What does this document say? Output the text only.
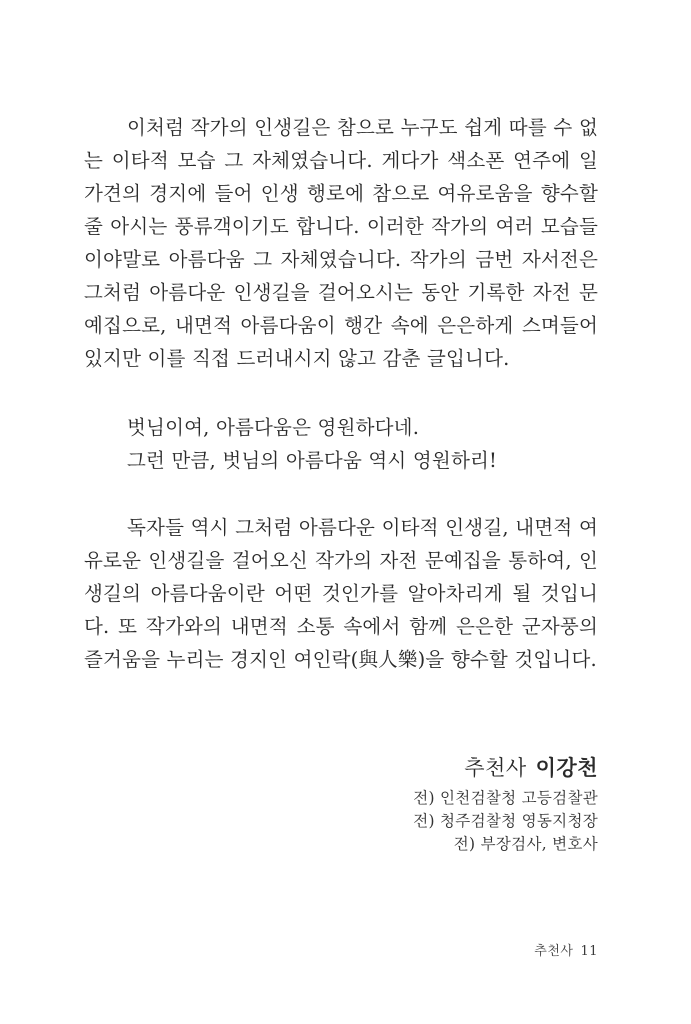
이처럼 작가의 인생길은 참으로 누구도 쉽게 따를 수 없는 이타적 모습 그 자체였습니다. 게다가 색소폰 연주에 일가견의 경지에 들어 인생 행로에 참으로 여유로움을 향수할 줄 아시는 풍류객이기도 합니다. 이러한 작가의 여러 모습들이야말로 아름다움 그 자체였습니다. 작가의 금번 자서전은 그처럼 아름다운 인생길을 걸어오시는 동안 기록한 자전 문예집으로, 내면적 아름다움이 행간 속에 은은하게 스며들어 있지만 이를 직접 드러내시지 않고 감춘 글입니다.

벗님이여, 아름다움은 영원하다네.
그런 만큼, 벗님의 아름다움 역시 영원하리!

독자들 역시 그처럼 아름다운 이타적 인생길, 내면적 여유로운 인생길을 걸어오신 작가의 자전 문예집을 통하여, 인생길의 아름다움이란 어떤 것인가를 알아차리게 될 것입니다. 또 작가와의 내면적 소통 속에서 함께 은은한 군자풍의 즐거움을 누리는 경지인 여인락(與人樂)을 향수할 것입니다.

추천사 이강천
전) 인천검찰청 고등검찰관
전) 청주검찰청 영동지청장
전) 부장검사, 변호사
추천사 11
